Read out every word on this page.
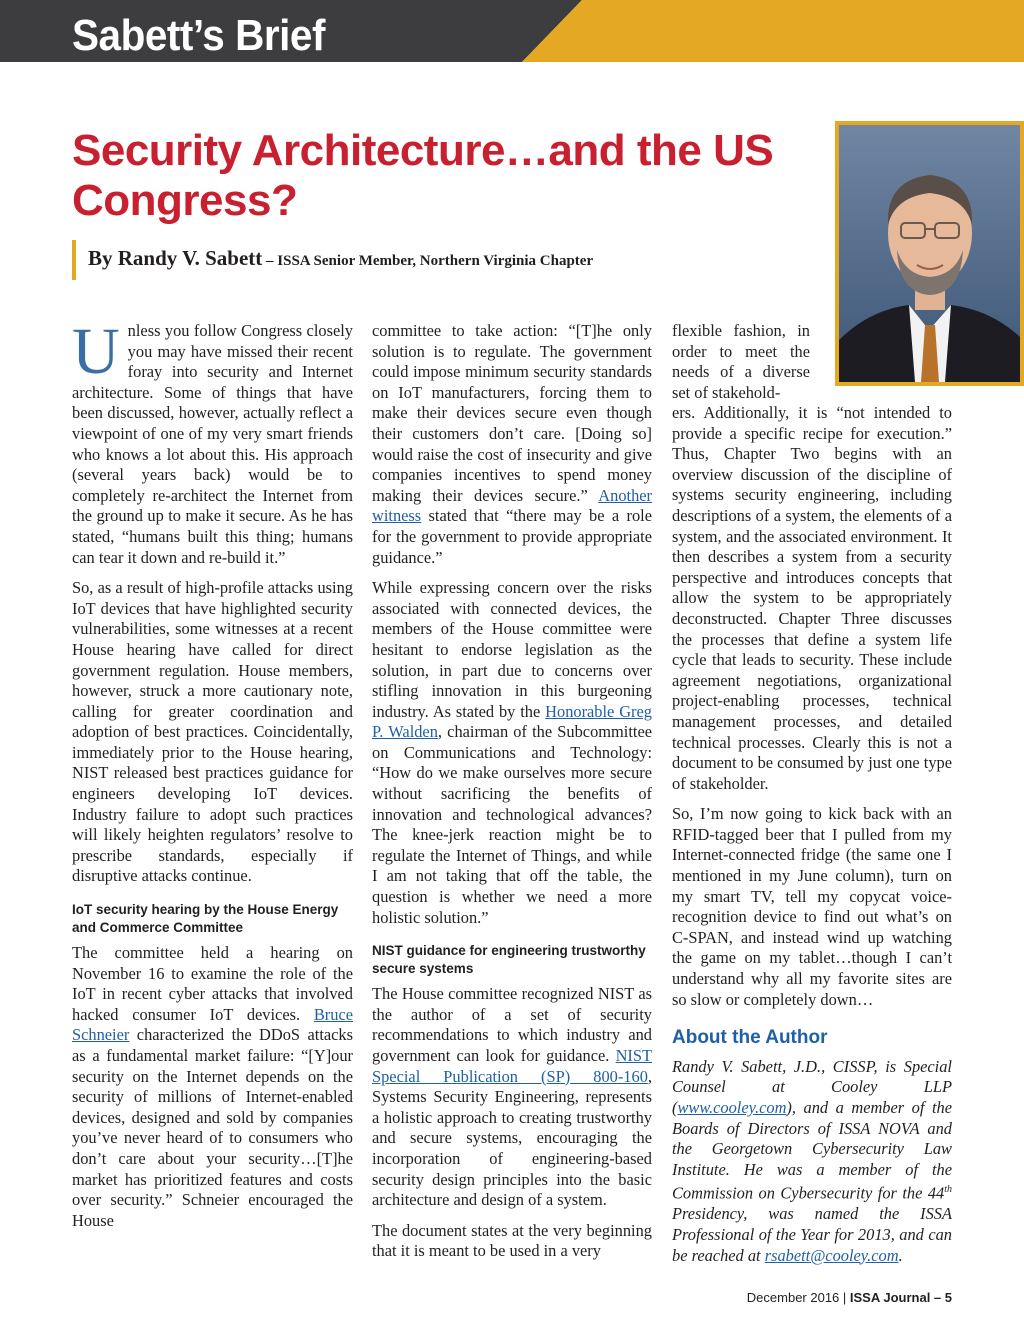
Sabett’s Brief
Security Architecture…and the US Congress?
By Randy V. Sabett – ISSA Senior Member, Northern Virginia Chapter

Unless you follow Congress closely you may have missed their recent foray into security and Internet architecture. Some of things that have been discussed, however, actually reflect a viewpoint of one of my very smart friends who knows a lot about this. His approach (several years back) would be to completely re-architect the Internet from the ground up to make it secure. As he has stated, “humans built this thing; humans can tear it down and re-build it.”

So, as a result of high-profile attacks using IoT devices that have highlighted security vulnerabilities, some witnesses at a recent House hearing have called for direct government regulation. House members, however, struck a more cautionary note, calling for greater coordination and adoption of best practices. Coincidentally, immediately prior to the House hearing, NIST released best practices guidance for engineers developing IoT devices. Industry failure to adopt such practices will likely heighten regulators’ resolve to prescribe standards, especially if disruptive attacks continue.

IoT security hearing by the House Energy and Commerce Committee

The committee held a hearing on November 16 to examine the role of the IoT in recent cyber attacks that involved hacked consumer IoT devices. Bruce Schneier characterized the DDoS attacks as a fundamental market failure: “[Y]our security on the Internet depends on the security of millions of Internet-enabled devices, designed and sold by companies you’ve never heard of to consumers who don’t care about your security…[T]he market has prioritized features and costs over security.” Schneier encouraged the House

committee to take action: “[T]he only solution is to regulate. The government could impose minimum security standards on IoT manufacturers, forcing them to make their devices secure even though their customers don’t care. [Doing so] would raise the cost of insecurity and give companies incentives to spend money making their devices secure.” Another witness stated that “there may be a role for the government to provide appropriate guidance.”

While expressing concern over the risks associated with connected devices, the members of the House committee were hesitant to endorse legislation as the solution, in part due to concerns over stifling innovation in this burgeoning industry. As stated by the Honorable Greg P. Walden, chairman of the Subcommittee on Communications and Technology: “How do we make ourselves more secure without sacrificing the benefits of innovation and technological advances? The knee-jerk reaction might be to regulate the Internet of Things, and while I am not taking that off the table, the question is whether we need a more holistic solution.”

NIST guidance for engineering trustworthy secure systems

The House committee recognized NIST as the author of a set of security recommendations to which industry and government can look for guidance. NIST Special Publication (SP) 800-160, Systems Security Engineering, represents a holistic approach to creating trustworthy and secure systems, encouraging the incorporation of engineering-based security design principles into the basic architecture and design of a system.

The document states at the very beginning that it is meant to be used in a very

flexible fashion, in order to meet the needs of a diverse set of stakehold-

ers. Additionally, it is “not intended to provide a specific recipe for execution.” Thus, Chapter Two begins with an overview discussion of the discipline of systems security engineering, including descriptions of a system, the elements of a system, and the associated environment. It then describes a system from a security perspective and introduces concepts that allow the system to be appropriately deconstructed. Chapter Three discusses the processes that define a system life cycle that leads to security. These include agreement negotiations, organizational project-enabling processes, technical management processes, and detailed technical processes. Clearly this is not a document to be consumed by just one type of stakeholder.

So, I’m now going to kick back with an RFID-tagged beer that I pulled from my Internet-connected fridge (the same one I mentioned in my June column), turn on my smart TV, tell my copycat voice-recognition device to find out what’s on C-SPAN, and instead wind up watching the game on my tablet…though I can’t understand why all my favorite sites are so slow or completely down…

About the Author

Randy V. Sabett, J.D., CISSP, is Special Counsel at Cooley LLP (www.cooley.com), and a member of the Boards of Directors of ISSA NOVA and the Georgetown Cybersecurity Law Institute. He was a member of the Commission on Cybersecurity for the 44th Presidency, was named the ISSA Professional of the Year for 2013, and can be reached at rsabett@cooley.com.

December 2016 | ISSA Journal – 5
